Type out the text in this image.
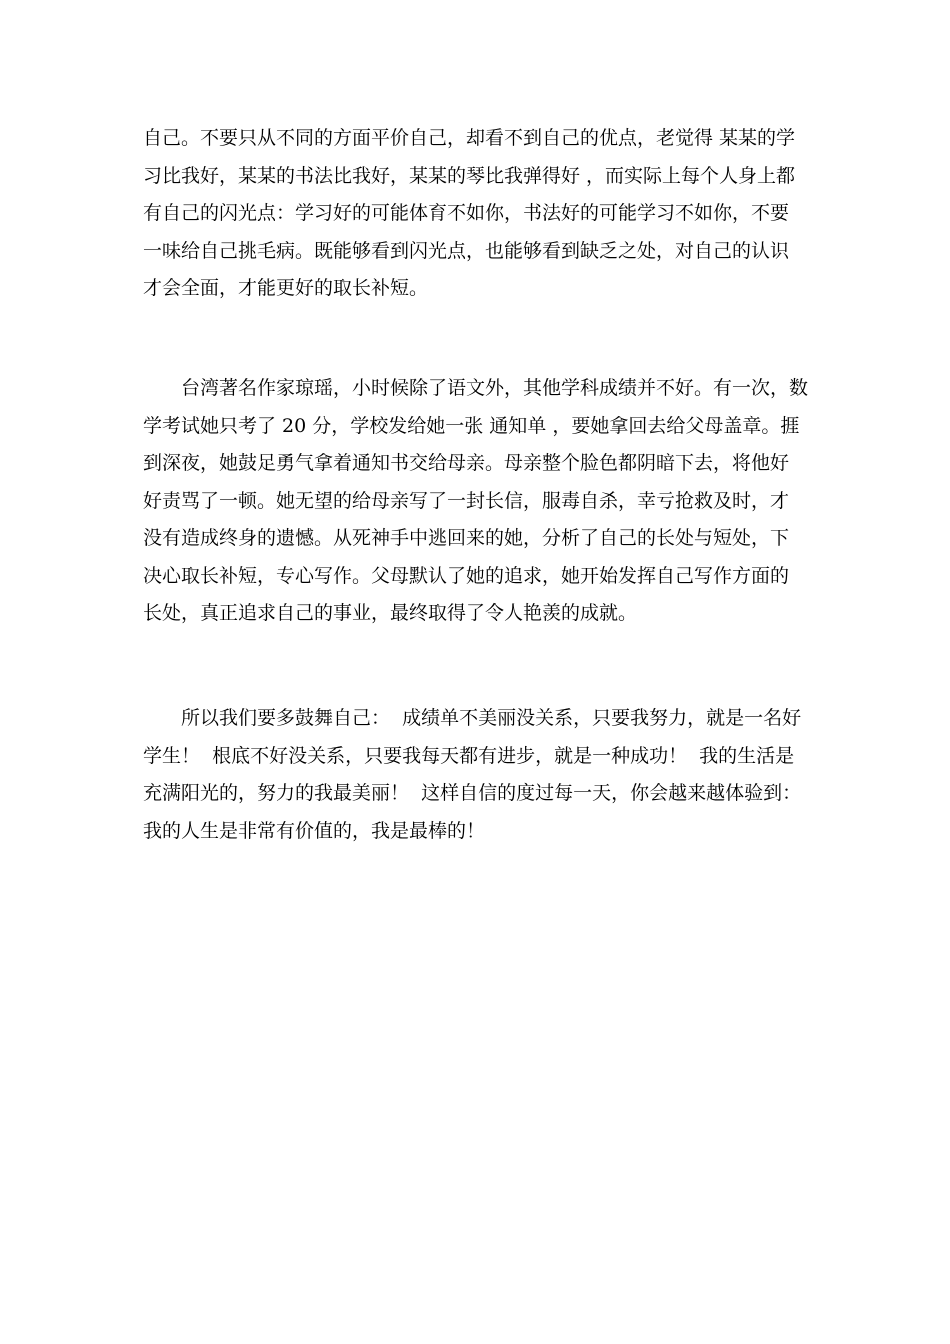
自己。不要只从不同的方面平价自己，却看不到自己的优点，老觉得 某某的学
习比我好，某某的书法比我好，某某的琴比我弹得好 ，而实际上每个人身上都
有自己的闪光点：学习好的可能体育不如你，书法好的可能学习不如你，不要
一味给自己挑毛病。既能够看到闪光点，也能够看到缺乏之处，对自己的认识
才会全面，才能更好的取长补短。
　　台湾著名作家琼瑶，小时候除了语文外，其他学科成绩并不好。有一次，数
学考试她只考了 20 分，学校发给她一张 通知单 ，要她拿回去给父母盖章。捱
到深夜，她鼓足勇气拿着通知书交给母亲。母亲整个脸色都阴暗下去，将他好
好责骂了一顿。她无望的给母亲写了一封长信，服毒自杀，幸亏抢救及时，才
没有造成终身的遗憾。从死神手中逃回来的她，分析了自己的长处与短处，下
决心取长补短，专心写作。父母默认了她的追求，她开始发挥自己写作方面的
长处，真正追求自己的事业，最终取得了令人艳羡的成就。
　　所以我们要多鼓舞自己：  成绩单不美丽没关系，只要我努力，就是一名好
学生！  根底不好没关系，只要我每天都有进步，就是一种成功！  我的生活是
充满阳光的，努力的我最美丽！  这样自信的度过每一天，你会越来越体验到：
我的人生是非常有价值的，我是最棒的！
